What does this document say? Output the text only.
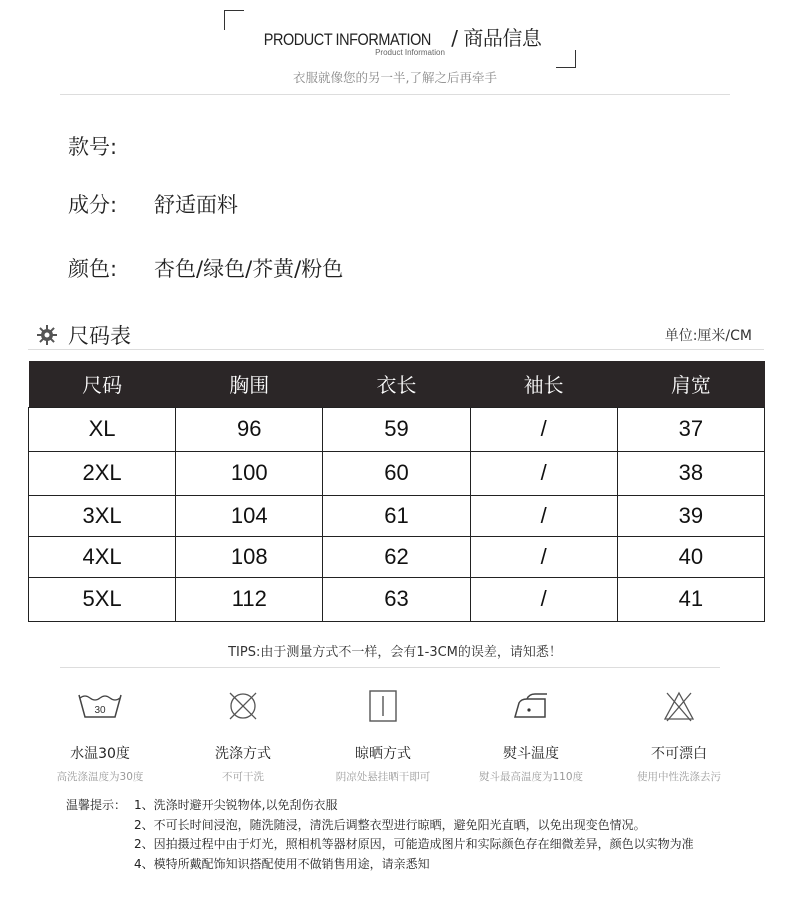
PRODUCT INFORMATION / 商品信息
Product Information
衣服就像您的另一半,了解之后再牵手
款号:
成分: 舒适面料
颜色: 杏色/绿色/芥黄/粉色
尺码表	单位:厘米/CM
尺码	胸围	衣长	袖长	肩宽
XL	96	59	/	37
2XL	100	60	/	38
3XL	104	61	/	39
4XL	108	62	/	40
5XL	112	63	/	41
TIPS:由于测量方式不一样，会有1-3CM的误差，请知悉！
30
水温30度
高洗涤温度为30度
洗涤方式
不可干洗
晾晒方式
阴凉处悬挂晒干即可
熨斗温度
熨斗最高温度为110度
不可漂白
使用中性洗涤去污
温馨提示： 1、洗涤时避开尖锐物体,以免刮伤衣服
2、不可长时间浸泡，随洗随浸，清洗后调整衣型进行晾晒，避免阳光直晒，以免出现变色情况。
2、因拍摄过程中由于灯光，照相机等器材原因，可能造成图片和实际颜色存在细微差异，颜色以实物为准
4、模特所戴配饰知识搭配使用不做销售用途，请亲悉知
